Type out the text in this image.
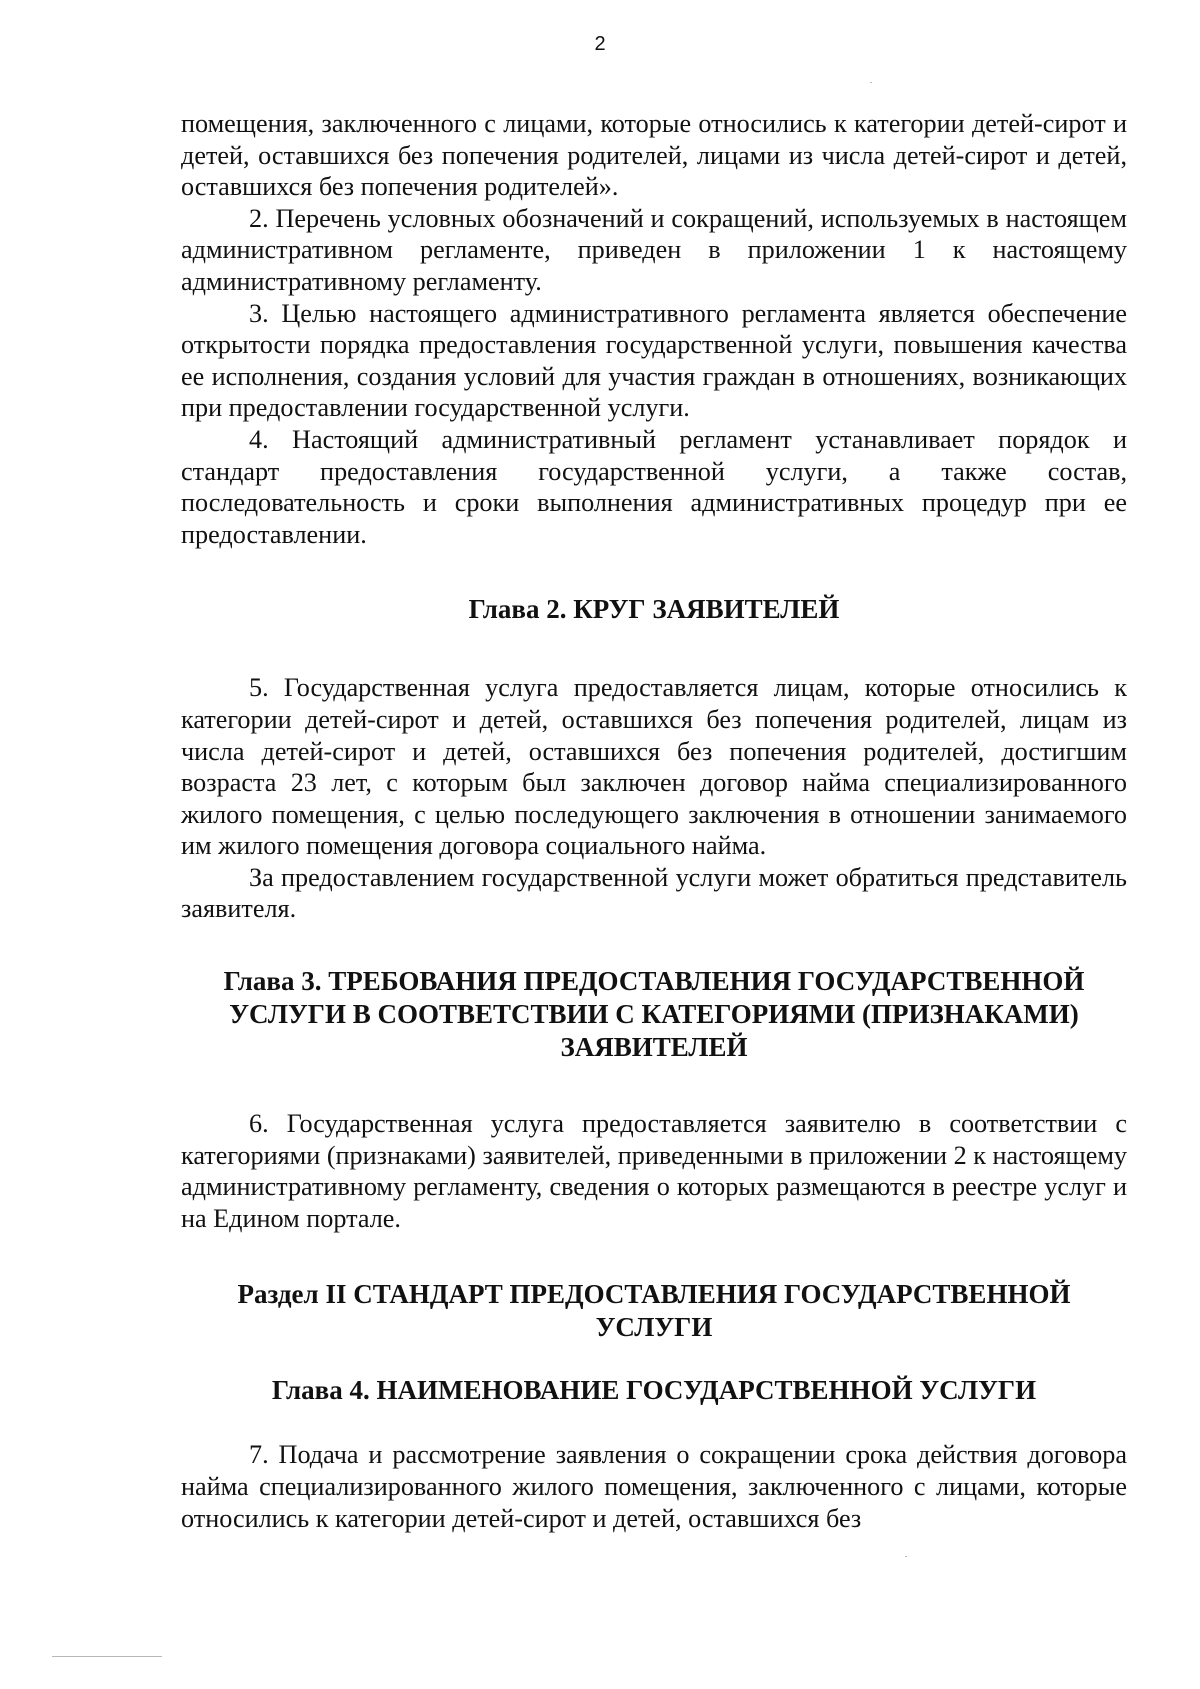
2

помещения, заключенного с лицами, которые относились к категории детей-сирот и детей, оставшихся без попечения родителей, лицами из числа детей-сирот и детей, оставшихся без попечения родителей».

2. Перечень условных обозначений и сокращений, используемых в настоящем административном регламенте, приведен в приложении 1 к настоящему административному регламенту.

3. Целью настоящего административного регламента является обеспечение открытости порядка предоставления государственной услуги, повышения качества ее исполнения, создания условий для участия граждан в отношениях, возникающих при предоставлении государственной услуги.

4. Настоящий административный регламент устанавливает порядок и стандарт предоставления государственной услуги, а также состав, последовательность и сроки выполнения административных процедур при ее предоставлении.

Глава 2. КРУГ ЗАЯВИТЕЛЕЙ

5. Государственная услуга предоставляется лицам, которые относились к категории детей-сирот и детей, оставшихся без попечения родителей, лицам из числа детей-сирот и детей, оставшихся без попечения родителей, достигшим возраста 23 лет, с которым был заключен договор найма специализированного жилого помещения, с целью последующего заключения в отношении занимаемого им жилого помещения договора социального найма.

За предоставлением государственной услуги может обратиться представитель заявителя.

Глава 3. ТРЕБОВАНИЯ ПРЕДОСТАВЛЕНИЯ ГОСУДАРСТВЕННОЙ УСЛУГИ В СООТВЕТСТВИИ С КАТЕГОРИЯМИ (ПРИЗНАКАМИ) ЗАЯВИТЕЛЕЙ

6. Государственная услуга предоставляется заявителю в соответствии с категориями (признаками) заявителей, приведенными в приложении 2 к настоящему административному регламенту, сведения о которых размещаются в реестре услуг и на Едином портале.

Раздел II СТАНДАРТ ПРЕДОСТАВЛЕНИЯ ГОСУДАРСТВЕННОЙ УСЛУГИ
Глава 4. НАИМЕНОВАНИЕ ГОСУДАРСТВЕННОЙ УСЛУГИ

7. Подача и рассмотрение заявления о сокращении срока действия договора найма специализированного жилого помещения, заключенного с лицами, которые относились к категории детей-сирот и детей, оставшихся без
